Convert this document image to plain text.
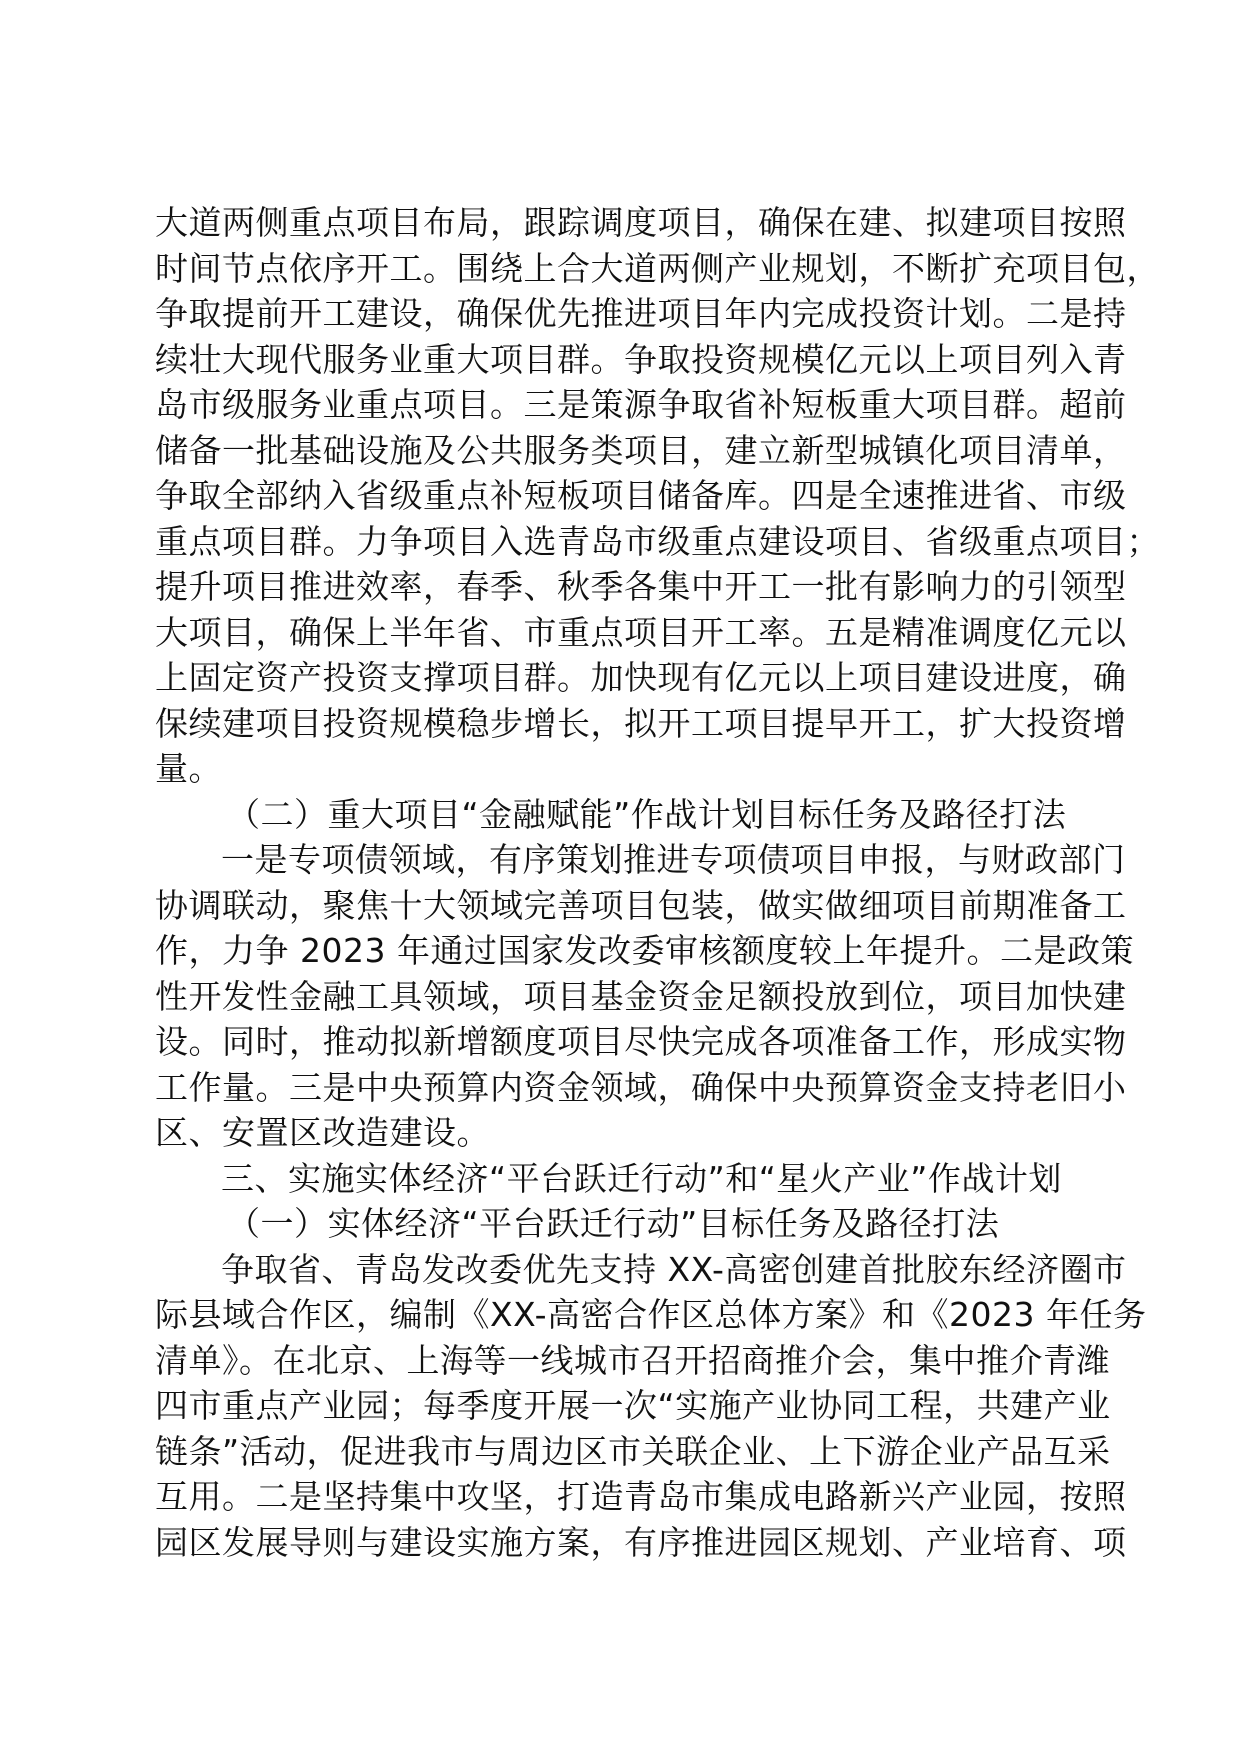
大道两侧重点项目布局，跟踪调度项目，确保在建、拟建项目按照

时间节点依序开工。围绕上合大道两侧产业规划，不断扩充项目包，

争取提前开工建设，确保优先推进项目年内完成投资计划。二是持

续壮大现代服务业重大项目群。争取投资规模亿元以上项目列入青

岛市级服务业重点项目。三是策源争取省补短板重大项目群。超前

储备一批基础设施及公共服务类项目，建立新型城镇化项目清单，

争取全部纳入省级重点补短板项目储备库。四是全速推进省、市级

重点项目群。力争项目入选青岛市级重点建设项目、省级重点项目；

提升项目推进效率，春季、秋季各集中开工一批有影响力的引领型

大项目，确保上半年省、市重点项目开工率。五是精准调度亿元以

上固定资产投资支撑项目群。加快现有亿元以上项目建设进度，确

保续建项目投资规模稳步增长，拟开工项目提早开工，扩大投资增

量。

（二）重大项目“金融赋能”作战计划目标任务及路径打法

一是专项债领域，有序策划推进专项债项目申报，与财政部门

协调联动，聚焦十大领域完善项目包装，做实做细项目前期准备工

作，力争 2023 年通过国家发改委审核额度较上年提升。二是政策

性开发性金融工具领域，项目基金资金足额投放到位，项目加快建

设。同时，推动拟新增额度项目尽快完成各项准备工作，形成实物

工作量。三是中央预算内资金领域，确保中央预算资金支持老旧小

区、安置区改造建设。

三、实施实体经济“平台跃迁行动”和“星火产业”作战计划

（一）实体经济“平台跃迁行动”目标任务及路径打法

争取省、青岛发改委优先支持 XX-高密创建首批胶东经济圈市

际县域合作区，编制《XX-高密合作区总体方案》和《2023 年任务

清单》。在北京、上海等一线城市召开招商推介会，集中推介青潍

四市重点产业园；每季度开展一次“实施产业协同工程，共建产业

链条”活动，促进我市与周边区市关联企业、上下游企业产品互采

互用。二是坚持集中攻坚，打造青岛市集成电路新兴产业园，按照

园区发展导则与建设实施方案，有序推进园区规划、产业培育、项
